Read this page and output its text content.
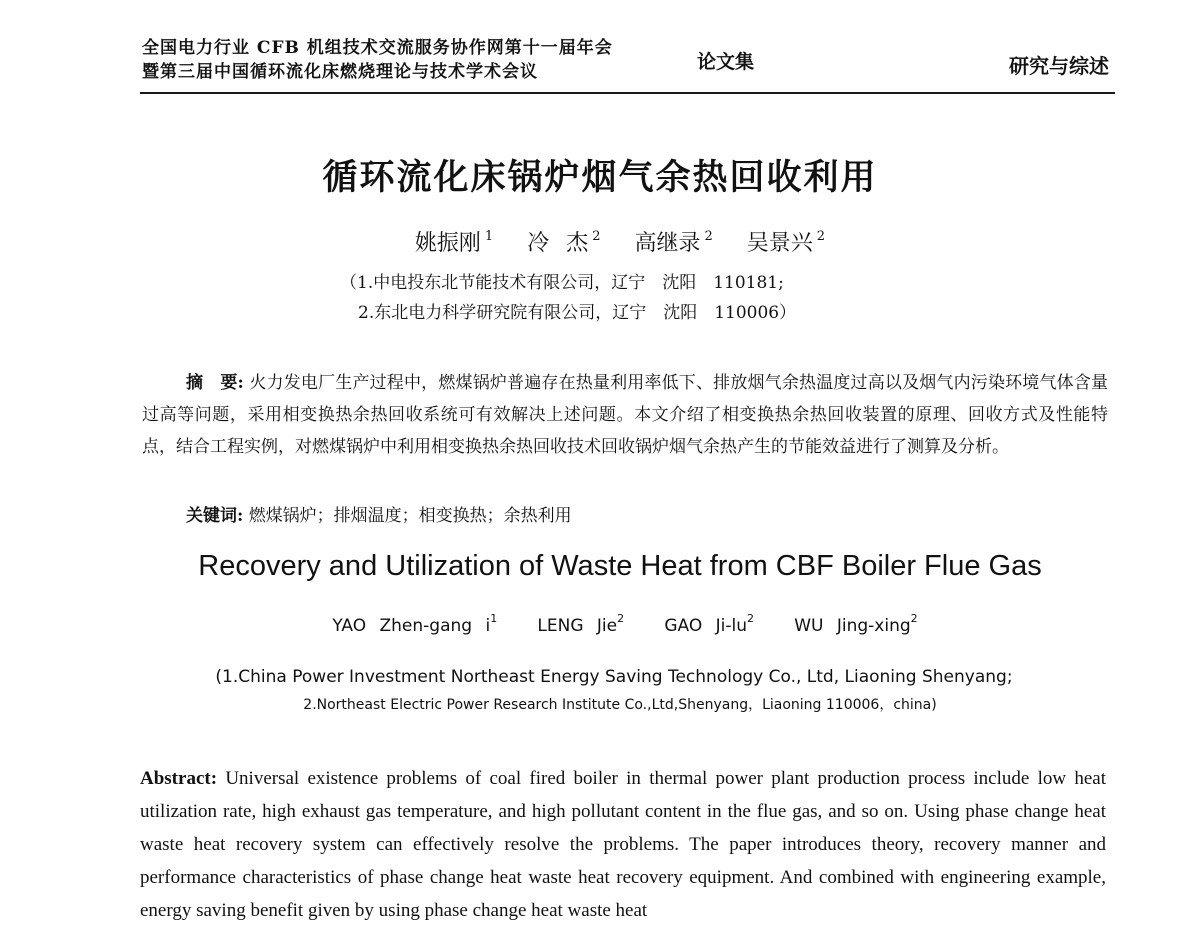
全国电力行业 CFB 机组技术交流服务协作网第十一届年会
暨第三届中国循环流化床燃烧理论与技术学术会议	论文集	研究与综述
循环流化床锅炉烟气余热回收利用
姚振刚 $^1$ 冷 杰 $^2$ 高继录 $^2$ 吴景兴 $^2$
（1.中电投东北节能技术有限公司，辽宁　沈阳　110181;
2.东北电力科学研究院有限公司，辽宁　沈阳　110006）

摘　要: 火力发电厂生产过程中，燃煤锅炉普遍存在热量利用率低下、排放烟气余热温度过高以及烟气内污染环境气体含量过高等问题，采用相变换热余热回收系统可有效解决上述问题。本文介绍了相变换热余热回收装置的原理、回收方式及性能特点，结合工程实例，对燃煤锅炉中利用相变换热余热回收技术回收锅炉烟气余热产生的节能效益进行了测算及分析。

关键词: 燃煤锅炉；排烟温度；相变换热；余热利用
Recovery and Utilization of Waste Heat from CBF Boiler Flue Gas
YAO Zhen-gang $i^1$ LENG Jie$^2$ GAO $Ji-lu^2$ WU Jing-xing$^2$
(1.China Power Investment Northeast Energy Saving Technology Co., Ltd, Liaoning Shenyang;
2.Northeast Electric Power Research Institute Co.,Ltd,Shenyang，Liaoning 110006，china)
Abstract: Universal existence problems of coal fired boiler in thermal power plant production process include low heat utilization rate, high exhaust gas temperature, and high pollutant content in the flue gas, and so on. Using phase change heat waste heat recovery system can effectively resolve the problems. The paper introduces theory, recovery manner and performance characteristics of phase change heat waste heat recovery equipment. And combined with engineering example, energy saving benefit given by using phase change heat waste heat
